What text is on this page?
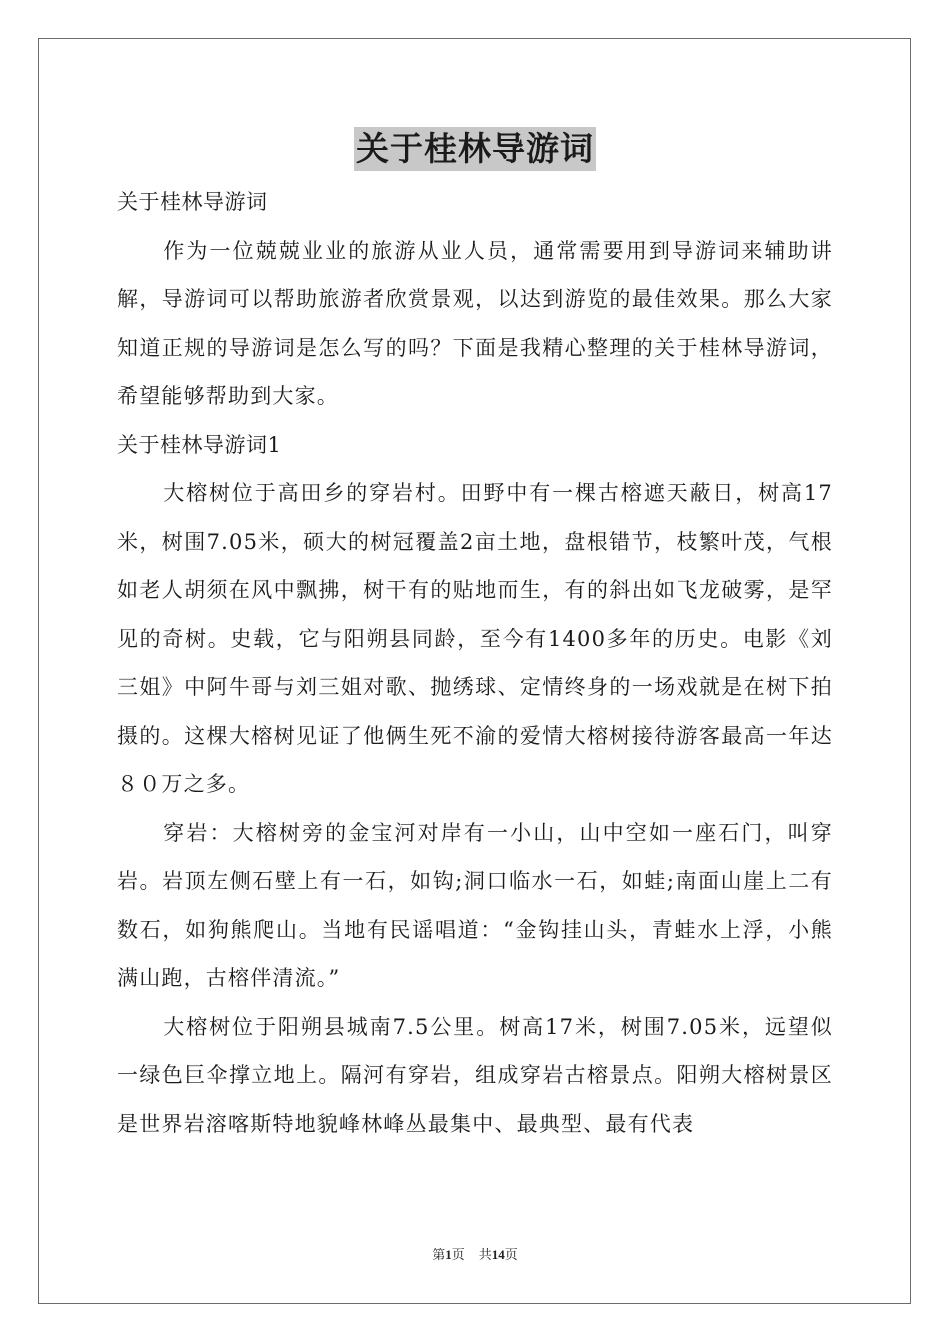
关于桂林导游词

关于桂林导游词

作为一位兢兢业业的旅游从业人员，通常需要用到导游词来辅助讲解，导游词可以帮助旅游者欣赏景观，以达到游览的最佳效果。那么大家知道正规的导游词是怎么写的吗？下面是我精心整理的关于桂林导游词，希望能够帮助到大家。

关于桂林导游词1

大榕树位于高田乡的穿岩村。田野中有一棵古榕遮天蔽日，树高17米，树围7.05米，硕大的树冠覆盖2亩土地，盘根错节，枝繁叶茂，气根如老人胡须在风中飘拂，树干有的贴地而生，有的斜出如飞龙破雾，是罕见的奇树。史载，它与阳朔县同龄，至今有1400多年的历史。电影《刘三姐》中阿牛哥与刘三姐对歌、抛绣球、定情终身的一场戏就是在树下拍摄的。这棵大榕树见证了他俩生死不渝的爱情大榕树接待游客最高一年达８０万之多。

穿岩：大榕树旁的金宝河对岸有一小山，山中空如一座石门，叫穿岩。岩顶左侧石壁上有一石，如钩;洞口临水一石，如蛙;南面山崖上二有数石，如狗熊爬山。当地有民谣唱道：“金钩挂山头，青蛙水上浮，小熊满山跑，古榕伴清流。”

大榕树位于阳朔县城南7.5公里。树高17米，树围7.05米，远望似一绿色巨伞撑立地上。隔河有穿岩，组成穿岩古榕景点。阳朔大榕树景区是世界岩溶喀斯特地貌峰林峰丛最集中、最典型、最有代表

第1页 共14页
